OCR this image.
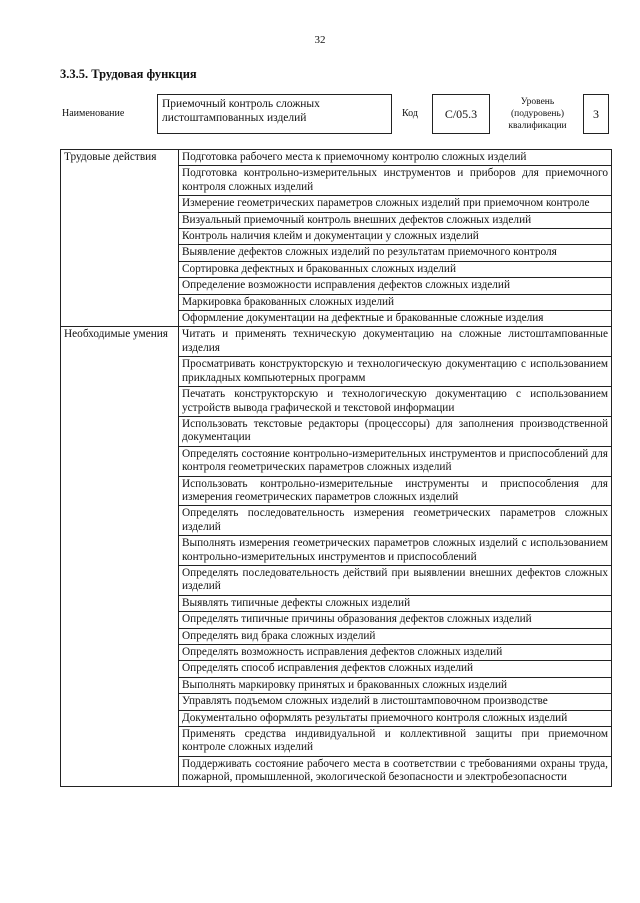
32
3.3.5. Трудовая функция
Наименование
Приемочный контроль сложных листоштампованных изделий	Код	C/05.3
Уровень
(подуровень)
квалификации
3
Трудовые действия	Подготовка рабочего места к приемочному контролю сложных изделий
	Подготовка контрольно-измерительных инструментов и приборов для приемочного контроля сложных изделий
	Измерение геометрических параметров сложных изделий при приемочном контроле
	Визуальный приемочный контроль внешних дефектов сложных изделий
	Контроль наличия клейм и документации у сложных изделий
	Выявление дефектов сложных изделий по результатам приемочного контроля
	Сортировка дефектных и бракованных сложных изделий
	Определение возможности исправления дефектов сложных изделий
	Маркировка бракованных сложных изделий
	Оформление документации на дефектные и бракованные сложные изделия
Необходимые умения	Читать и применять техническую документацию на сложные листоштампованные изделия
	Просматривать конструкторскую и технологическую документацию с использованием прикладных компьютерных программ
	Печатать конструкторскую и технологическую документацию с использованием устройств вывода графической и текстовой информации
	Использовать текстовые редакторы (процессоры) для заполнения производственной документации
	Определять состояние контрольно-измерительных инструментов и приспособлений для контроля геометрических параметров сложных изделий
	Использовать контрольно-измерительные инструменты и приспособления для измерения геометрических параметров сложных изделий
	Определять последовательность измерения геометрических параметров сложных изделий
	Выполнять измерения геометрических параметров сложных изделий с использованием контрольно-измерительных инструментов и приспособлений
	Определять последовательность действий при выявлении внешних дефектов сложных изделий
	Выявлять типичные дефекты сложных изделий
	Определять типичные причины образования дефектов сложных изделий
	Определять вид брака сложных изделий
	Определять возможность исправления дефектов сложных изделий
	Определять способ исправления дефектов сложных изделий
	Выполнять маркировку принятых и бракованных сложных изделий
	Управлять подъемом сложных изделий в листоштамповочном производстве
	Документально оформлять результаты приемочного контроля сложных изделий
	Применять средства индивидуальной и коллективной защиты при приемочном контроле сложных изделий
	Поддерживать состояние рабочего места в соответствии с требованиями охраны труда, пожарной, промышленной, экологической безопасности и электробезопасности
